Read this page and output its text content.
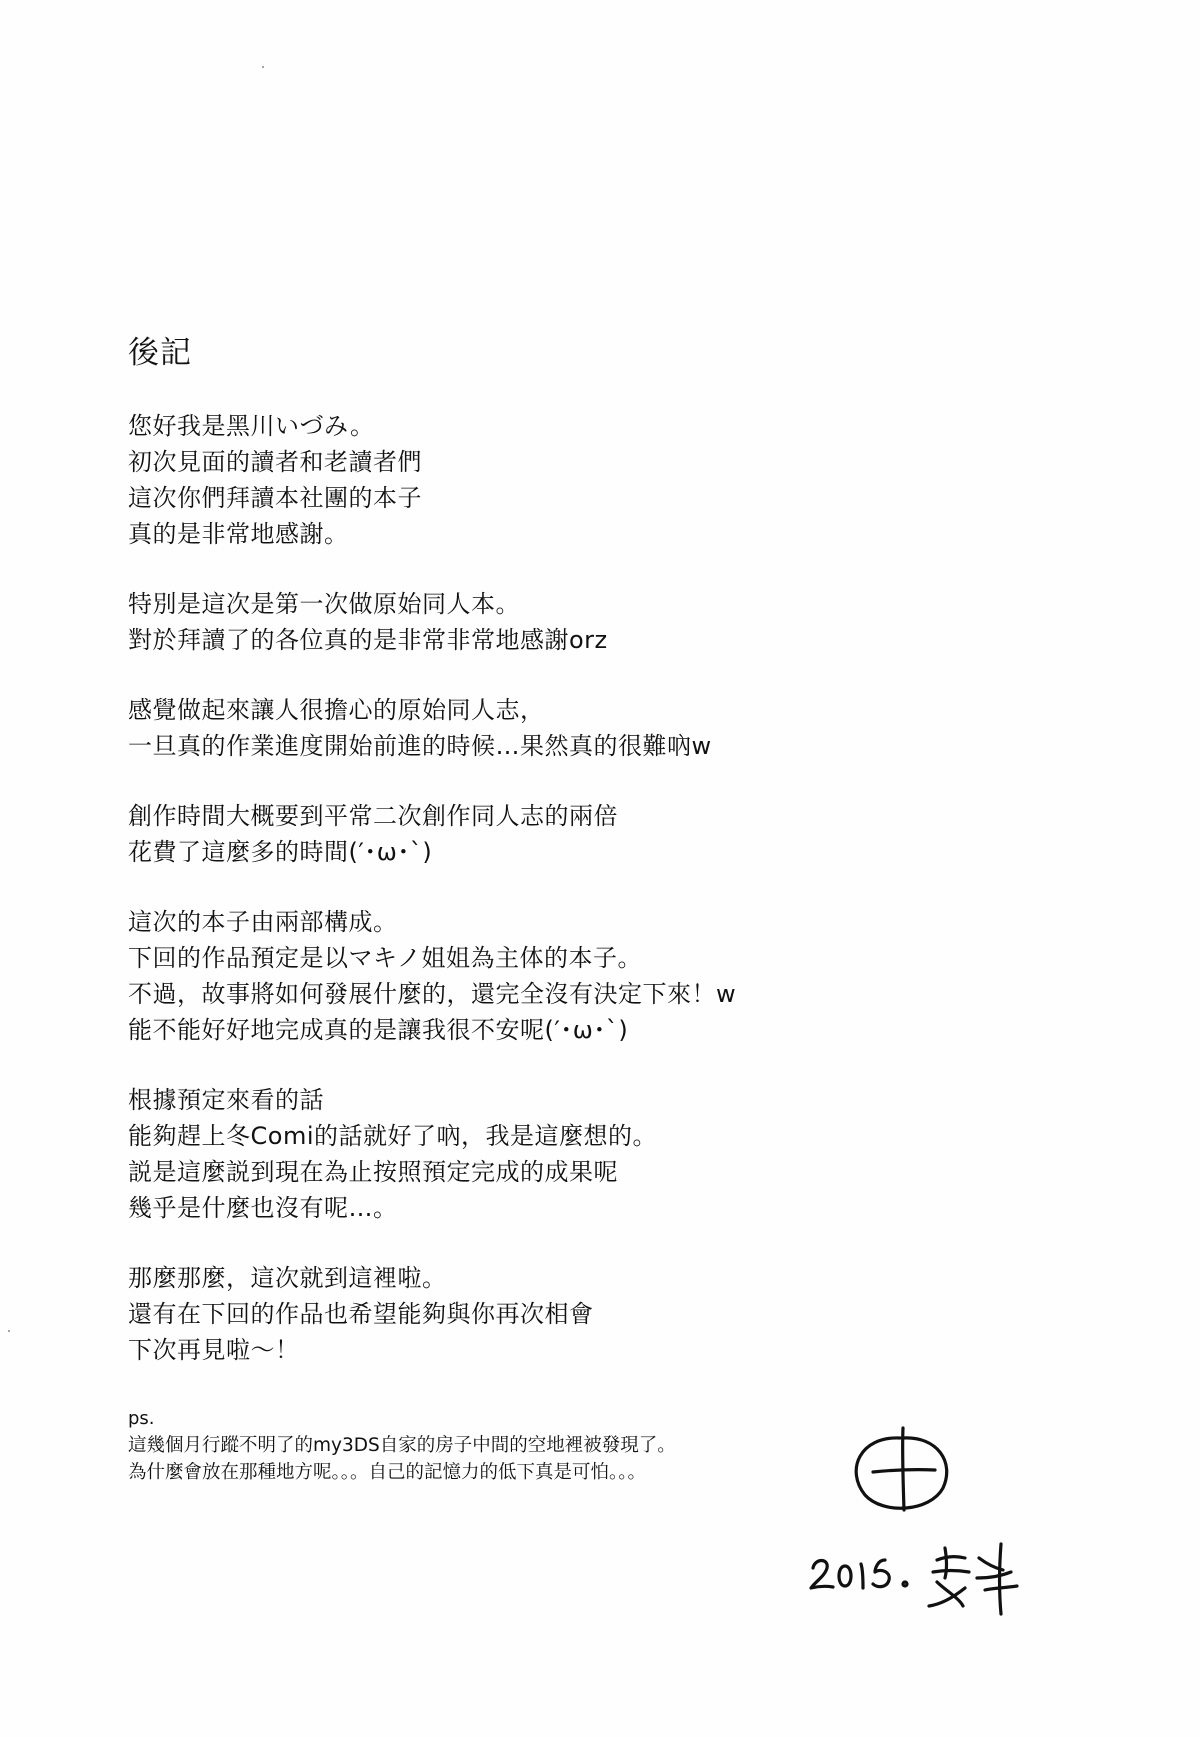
後記
您好我是黑川いづみ。
初次見面的讀者和老讀者們
這次你們拜讀本社團的本子
真的是非常地感謝。
特別是這次是第一次做原始同人本。
對於拜讀了的各位真的是非常非常地感謝orz
感覺做起來讓人很擔心的原始同人志，
一旦真的作業進度開始前進的時候…果然真的很難吶w
創作時間大概要到平常二次創作同人志的兩倍
花費了這麼多的時間(′･ω･`)
這次的本子由兩部構成。
下回的作品預定是以マキノ姐姐為主体的本子。
不過，故事將如何發展什麼的，還完全沒有決定下來！w
能不能好好地完成真的是讓我很不安呢(′･ω･`)
根據預定來看的話
能夠趕上冬Comi的話就好了吶，我是這麼想的。
説是這麼説到現在為止按照預定完成的成果呢
幾乎是什麼也沒有呢…。
那麼那麼，這次就到這裡啦。
還有在下回的作品也希望能夠與你再次相會
下次再見啦～！
ps.
這幾個月行蹤不明了的my3DS自家的房子中間的空地裡被發現了。
為什麼會放在那種地方呢。。。自己的記憶力的低下真是可怕。。。
